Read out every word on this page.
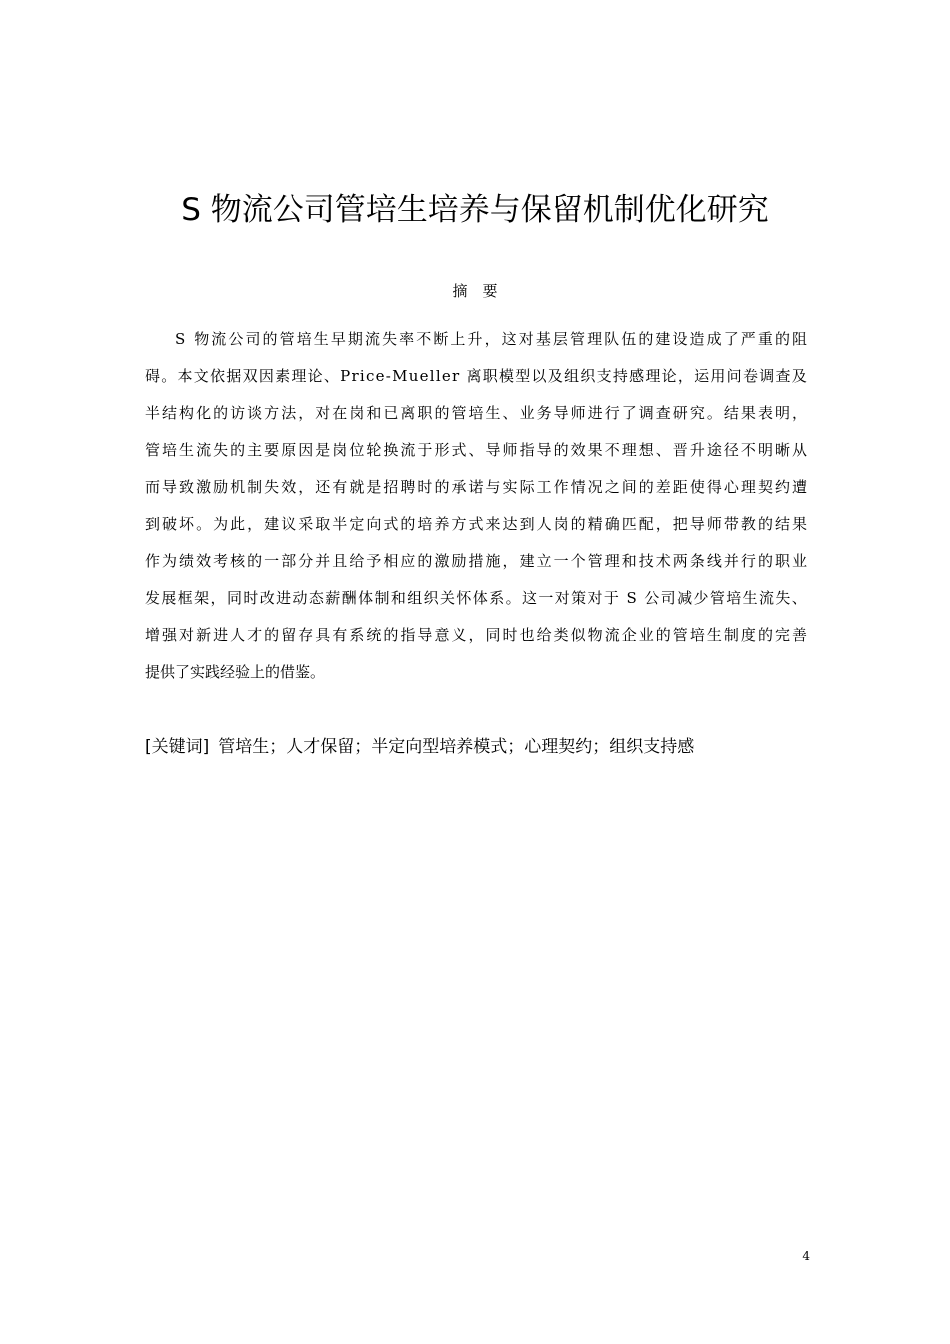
S 物流公司管培生培养与保留机制优化研究
摘要
S 物流公司的管培生早期流失率不断上升，这对基层管理队伍的建设造成了严重的阻
碍。本文依据双因素理论、Price-Mueller 离职模型以及组织支持感理论，运用问卷调查及
半结构化的访谈方法，对在岗和已离职的管培生、业务导师进行了调查研究。结果表明，
管培生流失的主要原因是岗位轮换流于形式、导师指导的效果不理想、晋升途径不明晰从
而导致激励机制失效，还有就是招聘时的承诺与实际工作情况之间的差距使得心理契约遭
到破坏。为此，建议采取半定向式的培养方式来达到人岗的精确匹配，把导师带教的结果
作为绩效考核的一部分并且给予相应的激励措施，建立一个管理和技术两条线并行的职业
发展框架，同时改进动态薪酬体制和组织关怀体系。这一对策对于 S 公司减少管培生流失、
增强对新进人才的留存具有系统的指导意义，同时也给类似物流企业的管培生制度的完善
提供了实践经验上的借鉴。
[关键词] 管培生；人才保留；半定向型培养模式；心理契约；组织支持感
4
